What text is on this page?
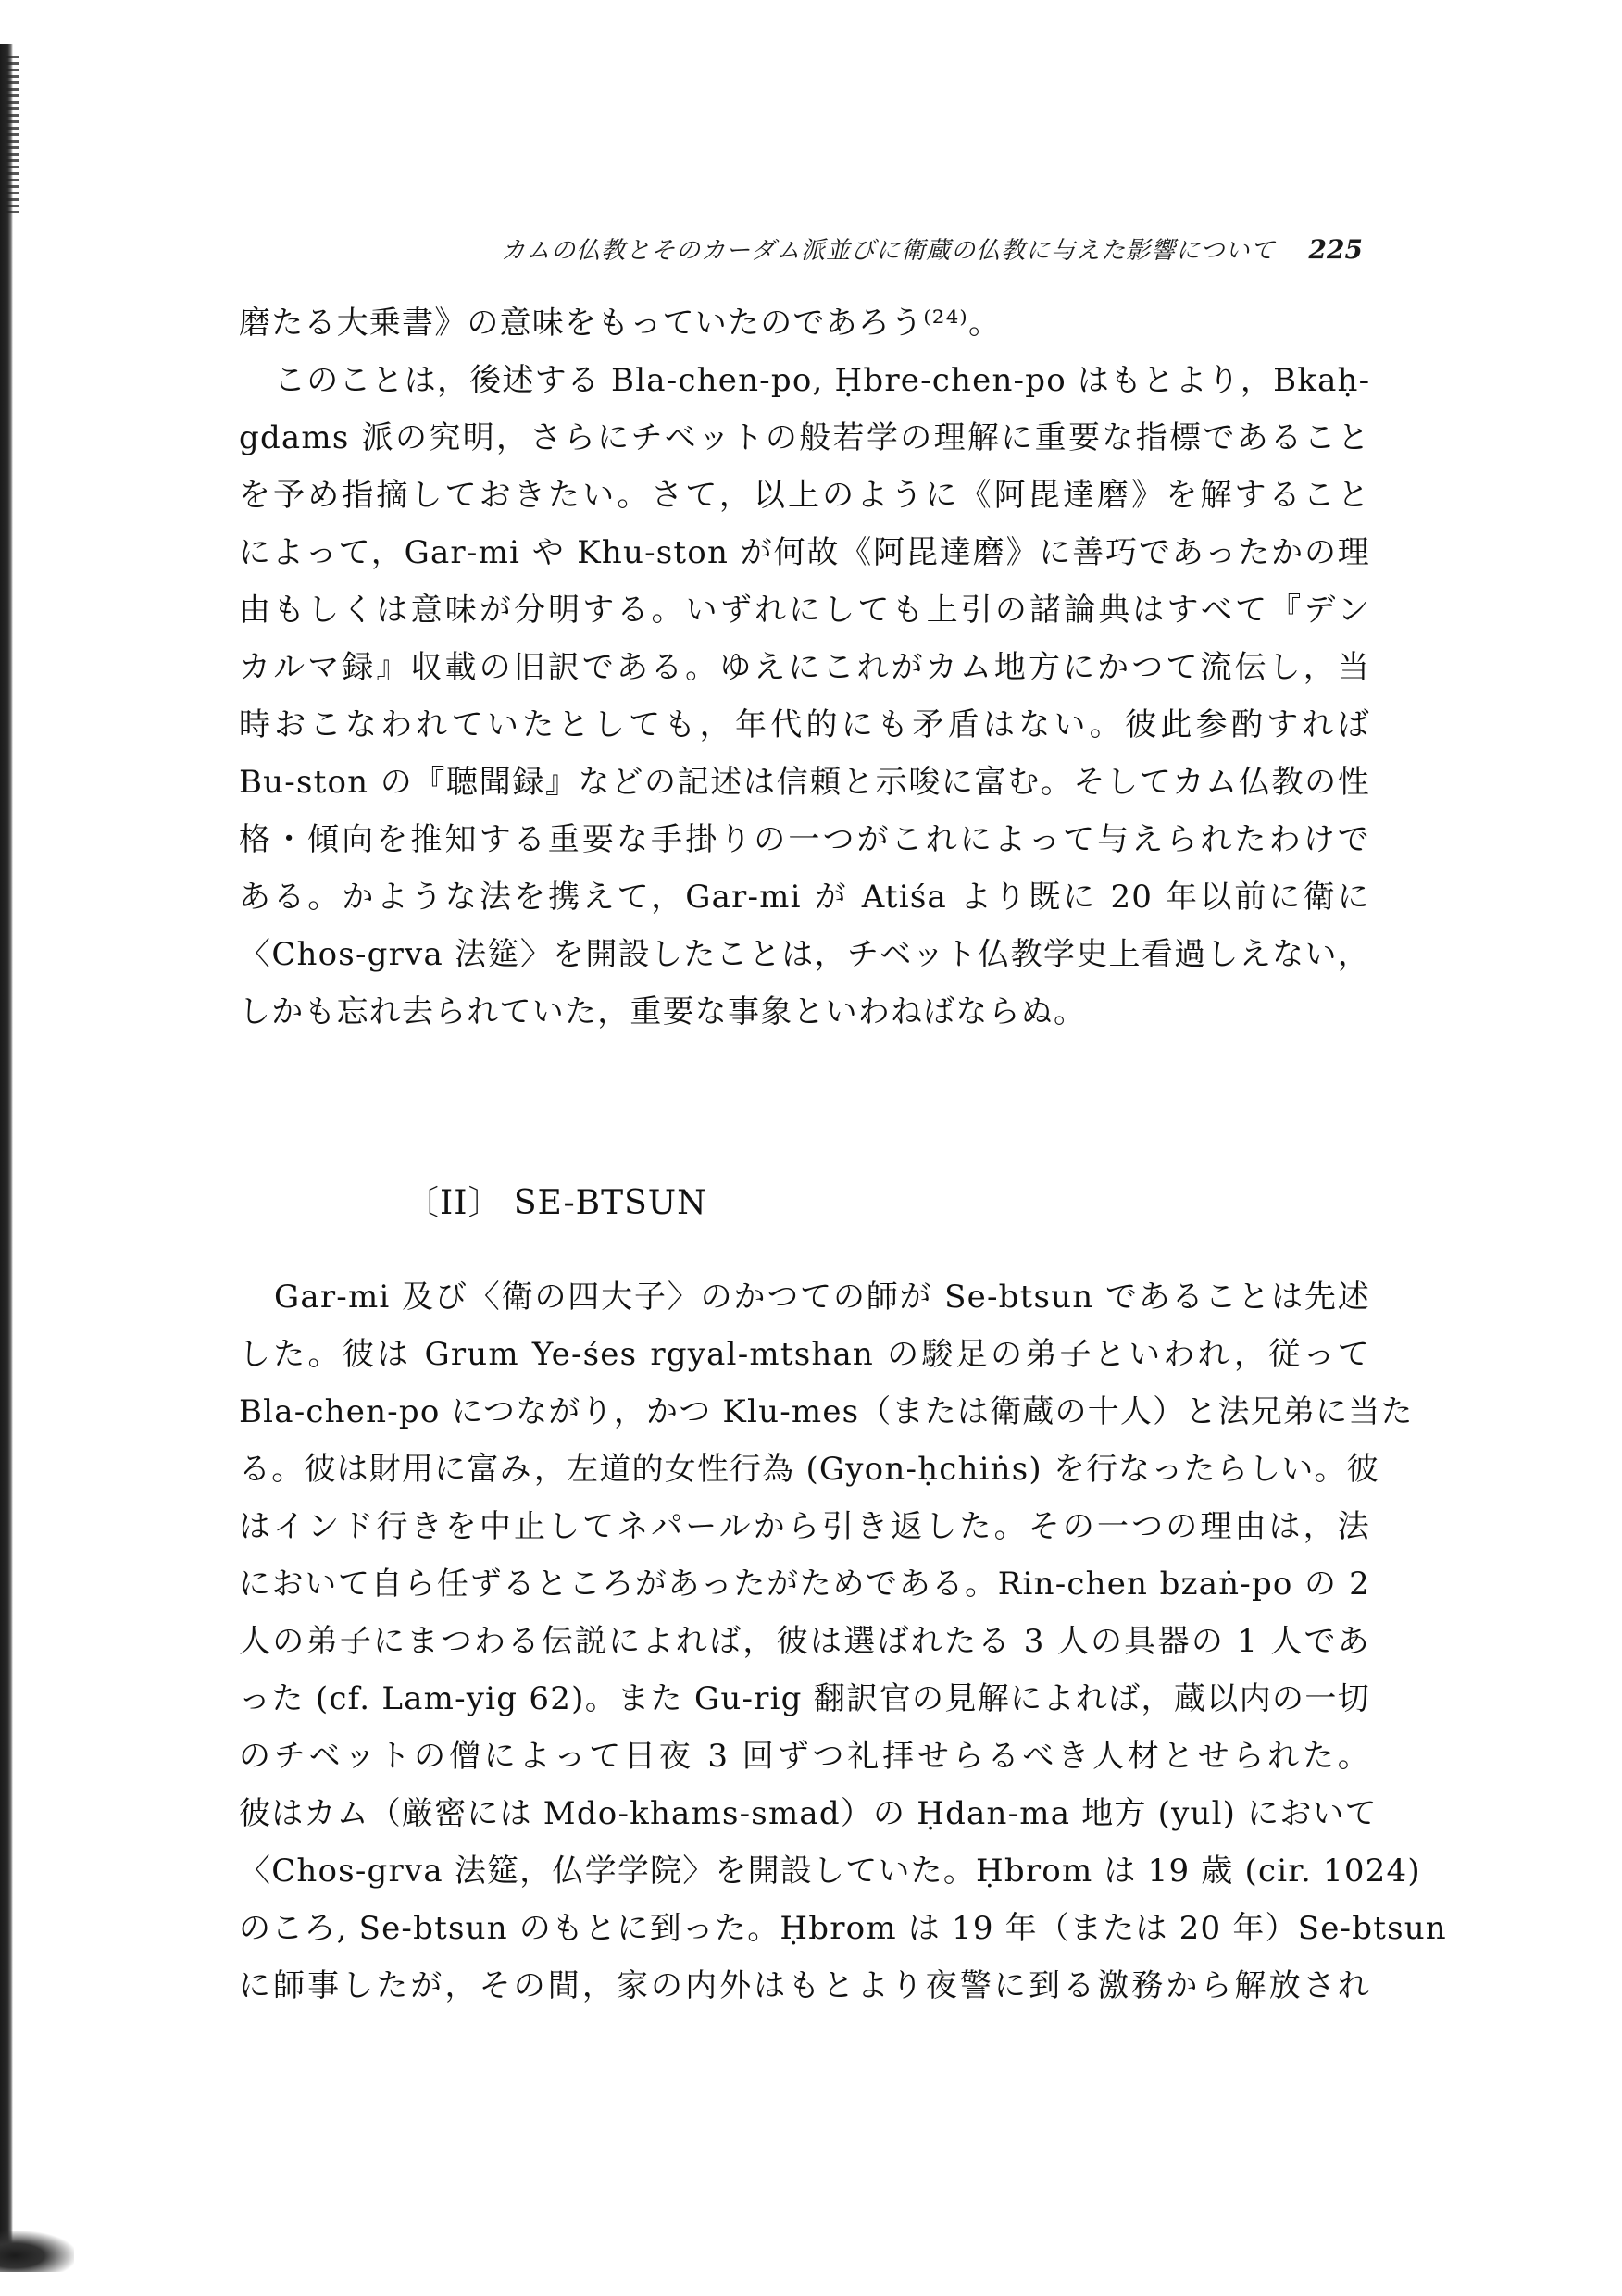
カムの仏教とそのカーダム派並びに衛蔵の仏教に与えた影響について 225
磨たる大乗書》の意味をもっていたのであろう⁽²⁴⁾。
このことは，後述する Bla-chen-po, Ḥbre-chen-po はもとより，Bkaḥ-
gdams 派の究明，さらにチベットの般若学の理解に重要な指標であること
を予め指摘しておきたい。さて，以上のように《阿毘達磨》を解すること
によって，Gar-mi や Khu-ston が何故《阿毘達磨》に善巧であったかの理
由もしくは意味が分明する。いずれにしても上引の諸論典はすべて『デン
カルマ録』収載の旧訳である。ゆえにこれがカム地方にかつて流伝し，当
時おこなわれていたとしても，年代的にも矛盾はない。彼此参酌すれば
Bu-ston の『聴聞録』などの記述は信頼と示唆に富む。そしてカム仏教の性
格・傾向を推知する重要な手掛りの一つがこれによって与えられたわけで
ある。かような法を携えて，Gar-mi が Atiśa より既に 20 年以前に衛に
〈Chos-grva 法筵〉を開設したことは，チベット仏教学史上看過しえない，
しかも忘れ去られていた，重要な事象といわねばならぬ。
〔II〕 SE-BTSUN
Gar-mi 及び〈衛の四大子〉のかつての師が Se-btsun であることは先述
した。彼は Grum Ye-śes rgyal-mtshan の駿足の弟子といわれ，従って
Bla-chen-po につながり，かつ Klu-mes（または衛蔵の十人）と法兄弟に当た
る。彼は財用に富み，左道的女性行為 (Gyon-ḥchiṅs) を行なったらしい。彼
はインド行きを中止してネパールから引き返した。その一つの理由は，法
において自ら任ずるところがあったがためである。Rin-chen bzaṅ-po の 2
人の弟子にまつわる伝説によれば，彼は選ばれたる 3 人の具器の 1 人であ
った (cf. Lam-yig 62)。また Gu-rig 翻訳官の見解によれば，蔵以内の一切
のチベットの僧によって日夜 3 回ずつ礼拝せらるべき人材とせられた。
彼はカム（厳密には Mdo-khams-smad）の Ḥdan-ma 地方 (yul) において
〈Chos-grva 法筵，仏学学院〉を開設していた。Ḥbrom は 19 歳 (cir. 1024)
のころ, Se-btsun のもとに到った。Ḥbrom は 19 年（または 20 年）Se-btsun
に師事したが，その間，家の内外はもとより夜警に到る激務から解放され
